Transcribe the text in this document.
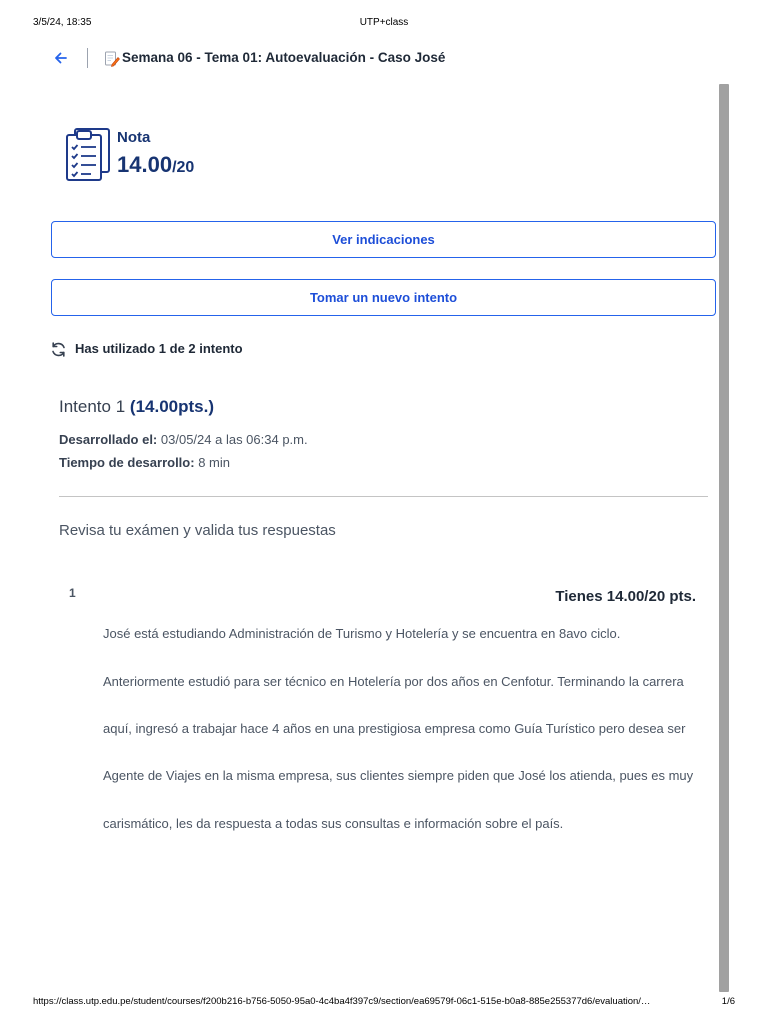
3/5/24, 18:35	UTP+class
Semana 06 - Tema 01: Autoevaluación - Caso José
Nota
14.00/20
Ver indicaciones
Tomar un nuevo intento
Has utilizado 1 de 2 intento
Intento 1 (14.00pts.)
Desarrollado el: 03/05/24 a las 06:34 p.m.
Tiempo de desarrollo: 8 min
Revisa tu exámen y valida tus respuestas
1	Tienes 14.00/20 pts.
José está estudiando Administración de Turismo y Hotelería y se encuentra en 8avo ciclo.
Anteriormente estudió para ser técnico en Hotelería por dos años en Cenfotur. Terminando la carrera
aquí, ingresó a trabajar hace 4 años en una prestigiosa empresa como Guía Turístico pero desea ser
Agente de Viajes en la misma empresa, sus clientes siempre piden que José los atienda, pues es muy
carismático, les da respuesta a todas sus consultas e información sobre el país.
https://class.utp.edu.pe/student/courses/f200b216-b756-5050-95a0-4c4ba4f397c9/section/ea69579f-06c1-515e-b0a8-885e255377d6/evaluation/…	1/6
